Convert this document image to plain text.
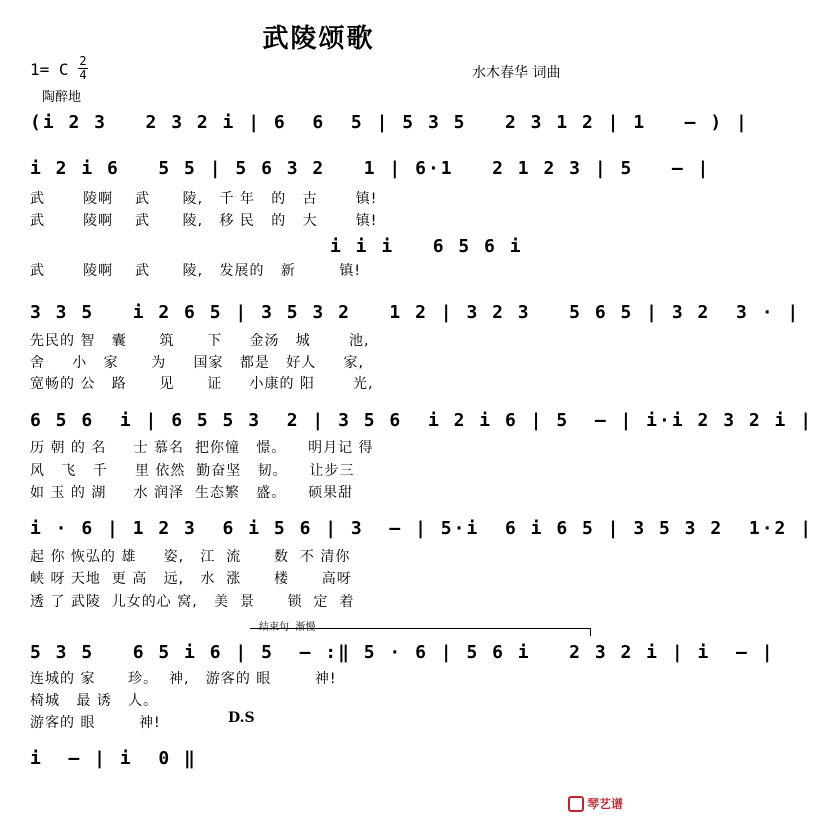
武陵颂歌
1= C 2
4	水木春华 词曲
陶醉地
(i 2 3   2 3 2 i | 6  6  5 | 5 3 5   2 3 1 2 | 1   – ) |
i 2 i 6   5 5 | 5 6 3 2   1 | 6·1   2 1 2 3 | 5   – |
武       陵啊    武      陵,   千 年   的   古       镇!
武       陵啊    武      陵,   移 民   的   大       镇!
i i i   6 5 6 i
武       陵啊    武      陵,   发展的   新        镇!
3 3 5   i 2 6 5 | 3 5 3 2   1 2 | 3 2 3   5 6 5 | 3 2  3 · |
先民的 智   囊      筑      下     金汤   城       池,
舍     小   家      为     国家   都是   好人     家,
宽畅的 公   路      见      证     小康的 阳       光,
6 5 6  i | 6 5 5 3  2 | 3 5 6  i 2 i 6 | 5  – | i·i 2 3 2 i |
历 朝 的 名     士 慕名  把你憧   憬。    明月记 得
风   飞   千     里 依然  勤奋坚   韧。    让步三
如 玉 的 湖     水 润泽  生态繁   盛。    硕果甜
i · 6 | 1 2 3  6 i 5 6 | 3  – | 5·i  6 i 6 5 | 3 5 3 2  1·2 |
起 你 恢弘的 雄     姿,   江  流      数  不 清你
峡 呀 天地  更 高   远,   水  涨      楼      高呀
透 了 武陵  儿女的心 窝,   美  景      锁  定  着
结束句  渐慢
5 3 5   6 5 i 6 | 5  – :‖ 5 · 6 | 5 6 i   2 3 2 i | i  – |
连城的 家      珍。  神,   游客的 眼        神!
椅城   最 诱   人。
游客的 眼        神!	D.S
i  – | i  0 ‖
琴艺谱
